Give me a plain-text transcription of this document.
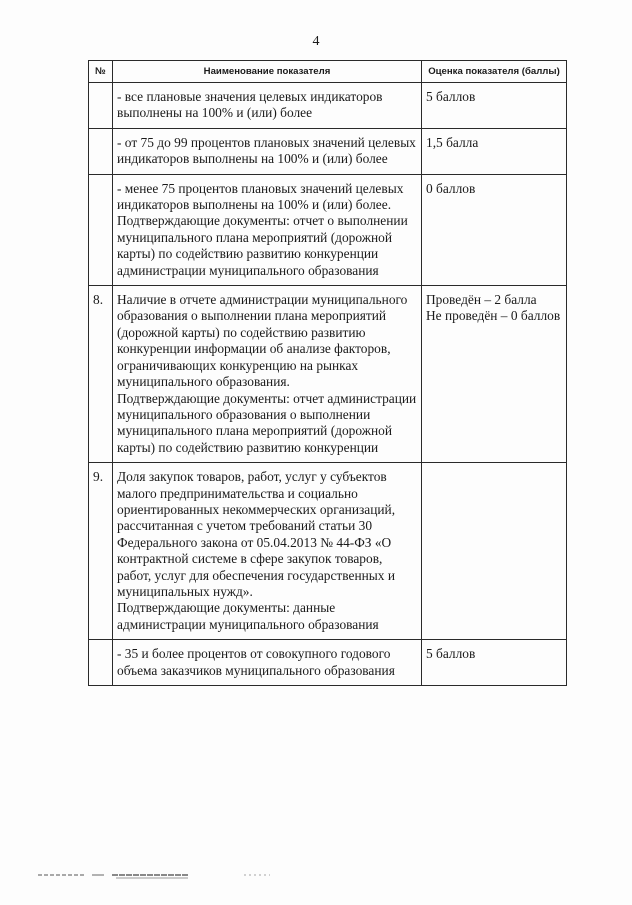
4
№	Наименование показателя	Оценка показателя (баллы)
	- все плановые значения целевых индикаторов выполнены на 100% и (или) более	5 баллов
	- от 75 до 99 процентов плановых значений целевых индикаторов выполнены на 100% и (или) более	1,5 балла

	- менее 75 процентов плановых значений целевых индикаторов выполнены на 100% и (или) более.
Подтверждающие документы: отчет о выполнении муниципального плана мероприятий (дорожной карты) по содействию развитию конкуренции администрации муниципального образования	0 баллов
8.	Наличие в отчете администрации муниципального образования о выполнении плана мероприятий (дорожной карты) по содействию развитию конкуренции информации об анализе факторов, ограничивающих конкуренцию на рынках муниципального образования.
Подтверждающие документы: отчет администрации муниципального образования о выполнении муниципального плана мероприятий (дорожной карты) по содействию развитию конкуренции	Проведён – 2 балла
Не проведён – 0 баллов

9.	Доля закупок товаров, работ, услуг у субъектов малого предпринимательства и социально ориентированных некоммерческих организаций, рассчитанная с учетом требований статьи 30 Федерального закона от 05.04.2013 № 44-ФЗ «О контрактной системе в сфере закупок товаров, работ, услуг для обеспечения государственных и муниципальных нужд».
Подтверждающие документы: данные администрации муниципального образования	

	- 35 и более процентов от совокупного годового объема заказчиков муниципального образования	5 баллов
